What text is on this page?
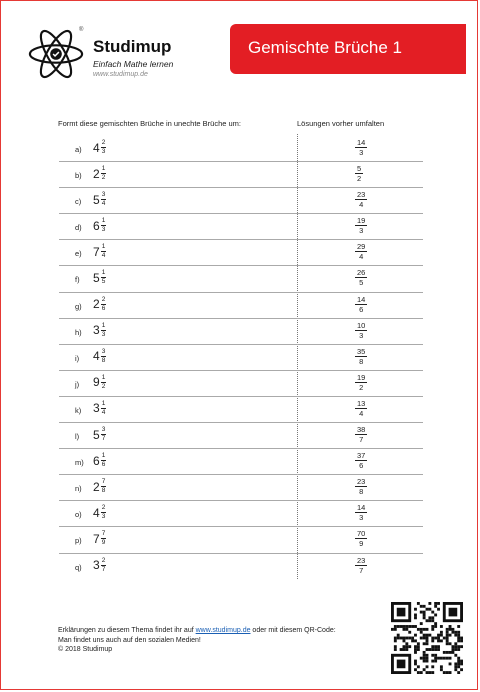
®
Studimup
Einfach Mathe lernen
www.studimup.de
Gemischte Brüche 1
Formt diese gemischten Brüche in unechte Brüche um:	Lösungen vorher umfalten
a) $4 \frac{2}{3}$	$\frac{14}{3}$
b) $2 \frac{1}{2}$	$\frac{5}{2}$
c) $5 \frac{3}{4}$	$\frac{23}{4}$
d) $6 \frac{1}{3}$	$\frac{19}{3}$
e) $7 \frac{1}{4}$	$\frac{29}{4}$
f) $5 \frac{1}{5}$	$\frac{26}{5}$
g) $2 \frac{2}{6}$	$\frac{14}{6}$
h) $3 \frac{1}{3}$	$\frac{10}{3}$
i) $4 \frac{3}{8}$	$\frac{35}{8}$
j) $9 \frac{1}{2}$	$\frac{19}{2}$
k) $3 \frac{1}{4}$	$\frac{13}{4}$
l) $5 \frac{3}{7}$	$\frac{38}{7}$
m) $6 \frac{1}{6}$	$\frac{37}{6}$
n) $2 \frac{7}{8}$	$\frac{23}{8}$
o) $4 \frac{2}{3}$	$\frac{14}{3}$
p) $7 \frac{7}{9}$	$\frac{70}{9}$
q) $3 \frac{2}{7}$	$\frac{23}{7}$
Erklärungen zu diesem Thema findet ihr auf www.studimup.de oder mit diesem QR-Code:
Man findet uns auch auf den sozialen Medien!
© 2018 Studimup
